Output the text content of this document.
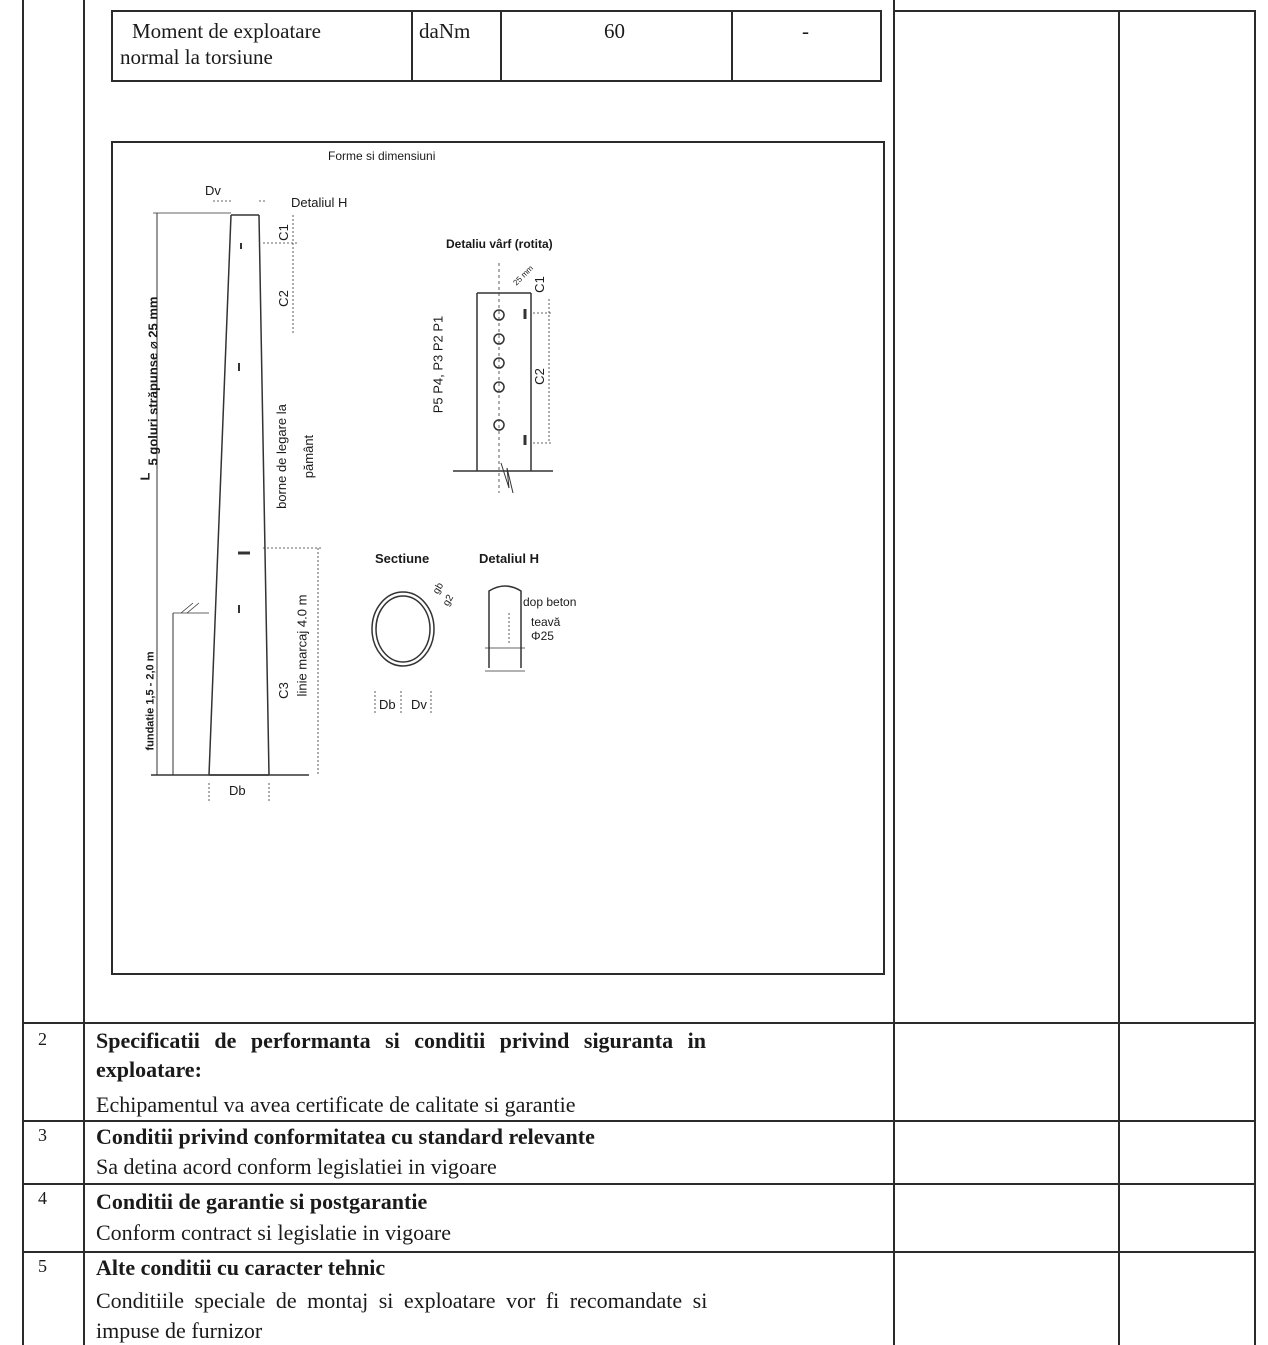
Moment de exploatare
normal la torsiune
daNm	60	-
Forme si dimensiuni
Dv
Detaliul H
C1
C2
5 goluri străpunse ⌀ 25 mm
L	borne de legare la pământ
linie marcaj 4.0 m
C3
fundatie 1,5 - 2,0 m
Db
Detaliu vârf (rotita)
P5 P4, P3 P2 P1
25 mm
C1
C2
Sectiune	Detaliul H
gb
g2	dop beton
teavă
Φ25
Db Dv
2 Specificatii de performanta si conditii privind siguranta in
exploatare:
Echipamentul va avea certificate de calitate si garantie
3 Conditii privind conformitatea cu standard relevante
Sa detina acord conform legislatiei in vigoare
4 Conditii de garantie si postgarantie
Conform contract si legislatie in vigoare
5 Alte conditii cu caracter tehnic
Conditiile speciale de montaj si exploatare vor fi recomandate si
impuse de furnizor
